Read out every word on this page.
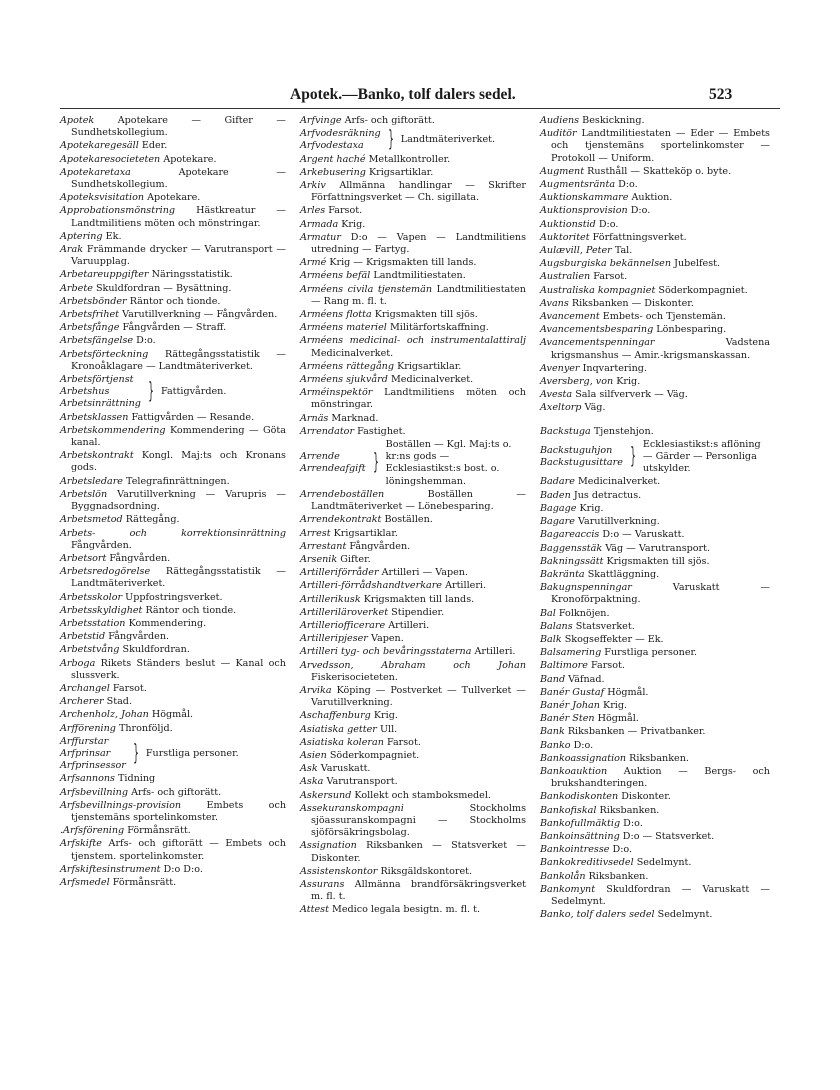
Apotek.—Banko, tolf dalers sedel.	523
Apotek Apotekare — Gifter — Sundhetskollegium.
Apotekaregesäll Eder.
Apotekaresocieteten Apotekare.
Apotekaretaxa	Apotekare — Sundhetskollegium.
Apoteksvisitation Apotekare.
Approbationsmönstring Hästkreatur — Landtmilitiens möten och mönstringar.
Aptering Ek.
Arak Främmande drycker — Varutransport — Varuupplag.
Arbetareuppgifter Näringsstatistik.
Arbete Skuldfordran — Bysättning.
Arbetsbönder Räntor och tionde.
Arbetsfrihet Varutillverkning — Fångvården.
Arbetsfånge Fångvården — Straff.
Arbetsfängelse D:o.
Arbetsförteckning Rättegångsstatistik — Kronoåklagare — Landtmäteriverket.
Arbetsförtjenst
Arbetshus
Arbetsinrättning } Fattigvården.
Arbetsklassen Fattigvården — Resande.
Arbetskommendering Kommendering — Göta kanal.
Arbetskontrakt Kongl. Maj:ts och Kronans gods.
Arbetsledare Telegrafinrättningen.
Arbetslön Varutillverkning — Varupris — Byggnadsordning.
Arbetsmetod Rättegång.
Arbets- och korrektionsinrättning Fångvården.
Arbetsort Fångvården.
Arbetsredogörelse Rättegångsstatistik — Landtmäteriverket.
Arbetsskolor Uppfostringsverket.
Arbetsskyldighet Räntor och tionde.
Arbetsstation Kommendering.
Arbetstid Fångvården.
Arbetstvång Skuldfordran.
Arboga Rikets Ständers beslut — Kanal och slussverk.
Archangel Farsot.
Archerer Stad.
Archenholz, Johan Högmål.
Arfförening Thronföljd.
Arffurstar
Arfprinsar
Arfprinsessor } Furstliga personer.
Arfsannons Tidning
Arfsbevillning Arfs- och giftorätt.
Arfsbevillnings-provision	Embets och tjenstemäns sportelinkomster.
.Arfsförening Förmånsrätt.
Arfskifte Arfs- och giftorätt — Embets och tjenstem. sportelinkomster.
Arfskiftesinstrument D:o D:o.
Arfsmedel Förmånsrätt.
Arfvinge Arfs- och giftorätt.
Arfvodesräkning
Arfvodestaxa	} Landtmäteriverket.
Argent haché Metallkontroller.
Arkebusering Krigsartiklar.
Arkiv Allmänna handlingar — Skrifter Författningsverket — Ch. sigillata.
Arles Farsot.
Armada Krig.
Armatur D:o — Vapen — Landtmilitiens utredning — Fartyg.
Armé Krig — Krigsmakten till lands.
Arméens befäl Landtmilitiestaten.
Arméens civila tjenstemän Landtmilitiestaten — Rang m. fl. t.
Arméens flotta Krigsmakten till sjös.
Arméens materiel Militärfortskaffning.
Arméens medicinal- och instrumentalattiralj Medicinalverket.
Arméens rättegång Krigsartiklar.
Arméens sjukvård Medicinalverket.
Arméinspektör Landtmilitiens möten och mönstringar.
Arnäs Marknad.
Arrendator Fastighet.
Arrende
Arrendeafgift }
Boställen — Kgl. Maj:ts o. kr:ns gods — Ecklesiastikst:s bost. o. löningshemman.
Arrendeboställen	Boställen — Landtmäteriverket — Lönebesparing.
Arrendekontrakt Boställen.
Arrest Krigsartiklar.
Arrestant Fångvården.
Arsenik Gifter.
Artilleriförråder Artilleri — Vapen.
Artilleri-förrådshandtverkare Artilleri.
Artillerikusk Krigsmakten till lands.
Artilleriläroverket Stipendier.
Artilleriofficerare Artilleri.
Artilleripjeser Vapen.
Artilleri tyg- och bevåringsstaterna Artilleri.
Arvedsson, Abraham och Johan Fiskerisocieteten.
Arvika Köping — Postverket — Tullverket — Varutillverkning.
Aschaffenburg Krig.
Asiatiska getter Ull.
Asiatiska koleran Farsot.
Asien Söderkompagniet.
Ask Varuskatt.
Aska Varutransport.
Askersund Kollekt och stamboksmedel.
Assekuranskompagni	Stockholms sjöassuranskompagni — Stockholms sjöförsäkringsbolag.
Assignation Riksbanken — Statsverket — Diskonter.
Assistenskontor Riksgäldskontoret.
Assurans Allmänna brandförsäkringsverket m. fl. t.
Attest Medico legala besigtn. m. fl. t.
Audiens Beskickning.
Auditör Landtmilitiestaten — Eder — Embets och tjenstemäns sportelinkomster — Protokoll — Uniform.
Augment Rusthåll — Skatteköp o. byte.
Augmentsränta D:o.
Auktionskammare Auktion.
Auktionsprovision D:o.
Auktionstid D:o.
Auktoritet Författningsverket.
Aulævill, Peter Tal.
Augsburgiska bekännelsen Jubelfest.
Australien Farsot.
Australiska kompagniet Söderkompagniet.
Avans Riksbanken — Diskonter.
Avancement Embets- och Tjenstemän.
Avancementsbesparing Lönbesparing.
Avancementspenningar	Vadstena krigsmanshus — Amir.-krigsmanskassan.
Avenyer Inqvartering.
Aversberg, von Krig.
Avesta Sala silfververk — Väg.
Axeltorp Väg.
Backstuga Tjenstehjon.
Backstuguhjon
Backstugusittare } Ecklesiastikst:s aflöning — Gärder — Personliga utskylder.
Badare Medicinalverket.
Baden Jus detractus.
Bagage Krig.
Bagare Varutillverkning.
Bagareaccis D:o — Varuskatt.
Baggensstäk Väg — Varutransport.
Bakningssätt Krigsmakten till sjös.
Bakränta Skattläggning.
Bakugnspenningar	Varuskatt — Kronoförpaktning.
Bal Folknöjen.
Balans Statsverket.
Balk Skogseffekter — Ek.
Balsamering Furstliga personer.
Baltimore Farsot.
Band Väfnad.
Banér Gustaf Högmål.
Banér Johan Krig.
Banér Sten Högmål.
Bank Riksbanken — Privatbanker.
Banko D:o.
Bankoassignation Riksbanken.
Bankoauktion Auktion — Bergs- och brukshandteringen.
Bankodiskonten Diskonter.
Bankofiskal Riksbanken.
Bankofullmäktig D:o.
Bankoinsättning D:o — Statsverket.
Bankointresse D:o.
Bankokreditivsedel Sedelmynt.
Bankolån Riksbanken.
Bankomynt Skuldfordran — Varuskatt — Sedelmynt.
Banko, tolf dalers sedel Sedelmynt.
